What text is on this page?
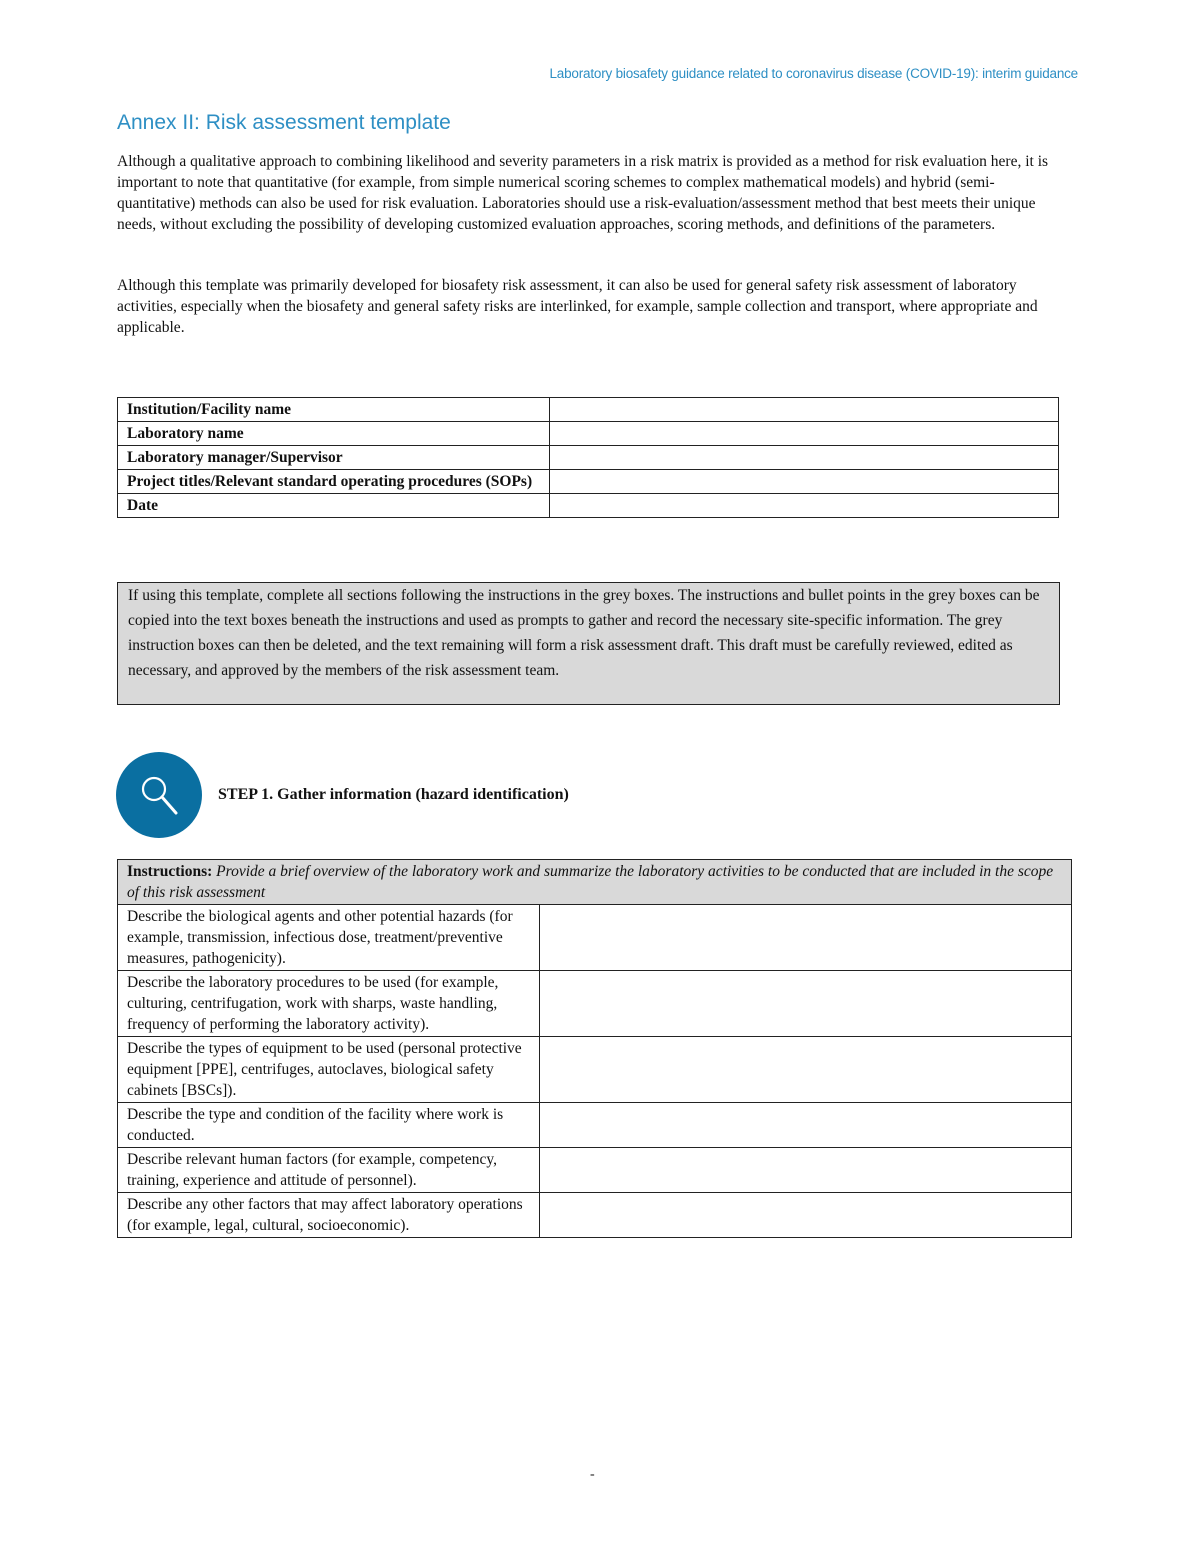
Laboratory biosafety guidance related to coronavirus disease (COVID-19): interim guidance
Annex II: Risk assessment template

Although a qualitative approach to combining likelihood and severity parameters in a risk matrix is provided as a method for risk evaluation here, it is important to note that quantitative (for example, from simple numerical scoring schemes to complex mathematical models) and hybrid (semi-quantitative) methods can also be used for risk evaluation. Laboratories should use a risk-evaluation/assessment method that best meets their unique needs, without excluding the possibility of developing customized evaluation approaches, scoring methods, and definitions of the parameters.

Although this template was primarily developed for biosafety risk assessment, it can also be used for general safety risk assessment of laboratory activities, especially when the biosafety and general safety risks are interlinked, for example, sample collection and transport, where appropriate and applicable.

Institution/Facility name	
Laboratory name	
Laboratory manager/Supervisor	
Project titles/Relevant standard operating procedures (SOPs)	
Date	
If using this template, complete all sections following the instructions in the grey boxes. The instructions and bullet points in the grey boxes can be copied into the text boxes beneath the instructions and used as prompts to gather and record the necessary site-specific information. The grey instruction boxes can then be deleted, and the text remaining will form a risk assessment draft. This draft must be carefully reviewed, edited as necessary, and approved by the members of the risk assessment team.

STEP 1. Gather information (hazard identification)

Instructions: Provide a brief overview of the laboratory work and summarize the laboratory activities to be conducted that are included in the scope of this risk assessment	
Describe the biological agents and other potential hazards (for example, transmission, infectious dose, treatment/preventive measures, pathogenicity).	
Describe the laboratory procedures to be used (for example, culturing, centrifugation, work with sharps, waste handling, frequency of performing the laboratory activity).	
Describe the types of equipment to be used (personal protective equipment [PPE], centrifuges, autoclaves, biological safety cabinets [BSCs]).	
Describe the type and condition of the facility where work is conducted.	
Describe relevant human factors (for example, competency, training, experience and attitude of personnel).	
Describe any other factors that may affect laboratory operations (for example, legal, cultural, socioeconomic).	
-
